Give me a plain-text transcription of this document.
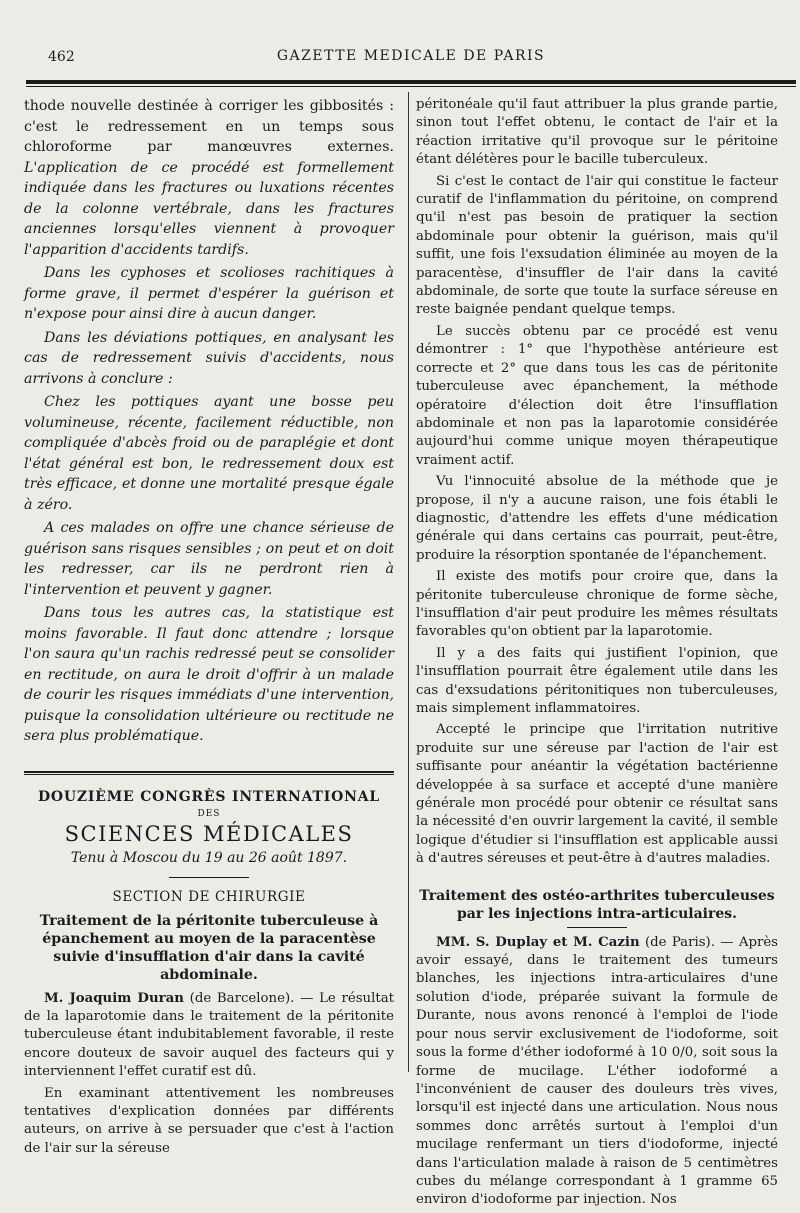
462	GAZETTE MEDICALE DE PARIS

thode nouvelle destinée à corriger les gibbosités : c'est le redressement en un temps sous chloroforme par manœuvres externes. L'application de ce procédé est formellement indiquée dans les fractures ou luxations récentes de la colonne vertébrale, dans les fractures anciennes lorsqu'elles viennent à provoquer l'apparition d'accidents tardifs.

Dans les cyphoses et scolioses rachitiques à forme grave, il permet d'espérer la guérison et n'expose pour ainsi dire à aucun danger.

Dans les déviations pottiques, en analysant les cas de redressement suivis d'accidents, nous arrivons à conclure :

Chez les pottiques ayant une bosse peu volumineuse, récente, facilement réductible, non compliquée d'abcès froid ou de paraplégie et dont l'état général est bon, le redressement doux est très efficace, et donne une mortalité presque égale à zéro.

A ces malades on offre une chance sérieuse de guérison sans risques sensibles ; on peut et on doit les redresser, car ils ne perdront rien à l'intervention et peuvent y gagner.

Dans tous les autres cas, la statistique est moins favorable. Il faut donc attendre ; lorsque l'on saura qu'un rachis redressé peut se consolider en rectitude, on aura le droit d'offrir à un malade de courir les risques immédiats d'une intervention, puisque la consolidation ultérieure ou rectitude ne sera plus problématique.

DOUZIÈME CONGRÈS INTERNATIONAL
DES
SCIENCES MÉDICALES
Tenu à Moscou du 19 au 26 août 1897.
SECTION DE CHIRURGIE
Traitement de la péritonite tuberculeuse à épanchement au moyen de la paracentèse suivie d'insufflation d'air dans la cavité abdominale.

M. Joaquim Duran (de Barcelone). — Le résultat de la laparotomie dans le traitement de la péritonite tuberculeuse étant indubitablement favorable, il reste encore douteux de savoir auquel des facteurs qui y interviennent l'effet curatif est dû.

En examinant attentivement les nombreuses tentatives d'explication données par différents auteurs, on arrive à se persuader que c'est à l'action de l'air sur la séreuse

péritonéale qu'il faut attribuer la plus grande partie, sinon tout l'effet obtenu, le contact de l'air et la réaction irritative qu'il provoque sur le péritoine étant délétères pour le bacille tuberculeux.

Si c'est le contact de l'air qui constitue le facteur curatif de l'inflammation du péritoine, on comprend qu'il n'est pas besoin de pratiquer la section abdominale pour obtenir la guérison, mais qu'il suffit, une fois l'exsudation éliminée au moyen de la paracentèse, d'insuffler de l'air dans la cavité abdominale, de sorte que toute la surface séreuse en reste baignée pendant quelque temps.

Le succès obtenu par ce procédé est venu démontrer : 1° que l'hypothèse antérieure est correcte et 2° que dans tous les cas de péritonite tuberculeuse avec épanchement, la méthode opératoire d'élection doit être l'insufflation abdominale et non pas la laparotomie considérée aujourd'hui comme unique moyen thérapeutique vraiment actif.

Vu l'innocuité absolue de la méthode que je propose, il n'y a aucune raison, une fois établi le diagnostic, d'attendre les effets d'une médication générale qui dans certains cas pourrait, peut-être, produire la résorption spontanée de l'épanchement.

Il existe des motifs pour croire que, dans la péritonite tuberculeuse chronique de forme sèche, l'insufflation d'air peut produire les mêmes résultats favorables qu'on obtient par la laparotomie.

Il y a des faits qui justifient l'opinion, que l'insufflation pourrait être également utile dans les cas d'exsudations péritonitiques non tuberculeuses, mais simplement inflammatoires.

Accepté le principe que l'irritation nutritive produite sur une séreuse par l'action de l'air est suffisante pour anéantir la végétation bactérienne développée à sa surface et accepté d'une manière générale mon procédé pour obtenir ce résultat sans la nécessité d'en ouvrir largement la cavité, il semble logique d'étudier si l'insufflation est applicable aussi à d'autres séreuses et peut-être à d'autres maladies.

Traitement des ostéo-arthrites tuberculeuses par les injections intra-articulaires.

MM. S. Duplay et M. Cazin (de Paris). — Après avoir essayé, dans le traitement des tumeurs blanches, les injections intra-articulaires d'une solution d'iode, préparée suivant la formule de Durante, nous avons renoncé à l'emploi de l'iode pour nous servir exclusivement de l'iodoforme, soit sous la forme d'éther iodoformé à 10 0/0, soit sous la forme de mucilage. L'éther iodoformé a l'inconvénient de causer des douleurs très vives, lorsqu'il est injecté dans une articulation. Nous nous sommes donc arrêtés surtout à l'emploi d'un mucilage renfermant un tiers d'iodoforme, injecté dans l'articulation malade à raison de 5 centimètres cubes du mélange correspondant à 1 gramme 65 environ d'iodoforme par injection. Nos
